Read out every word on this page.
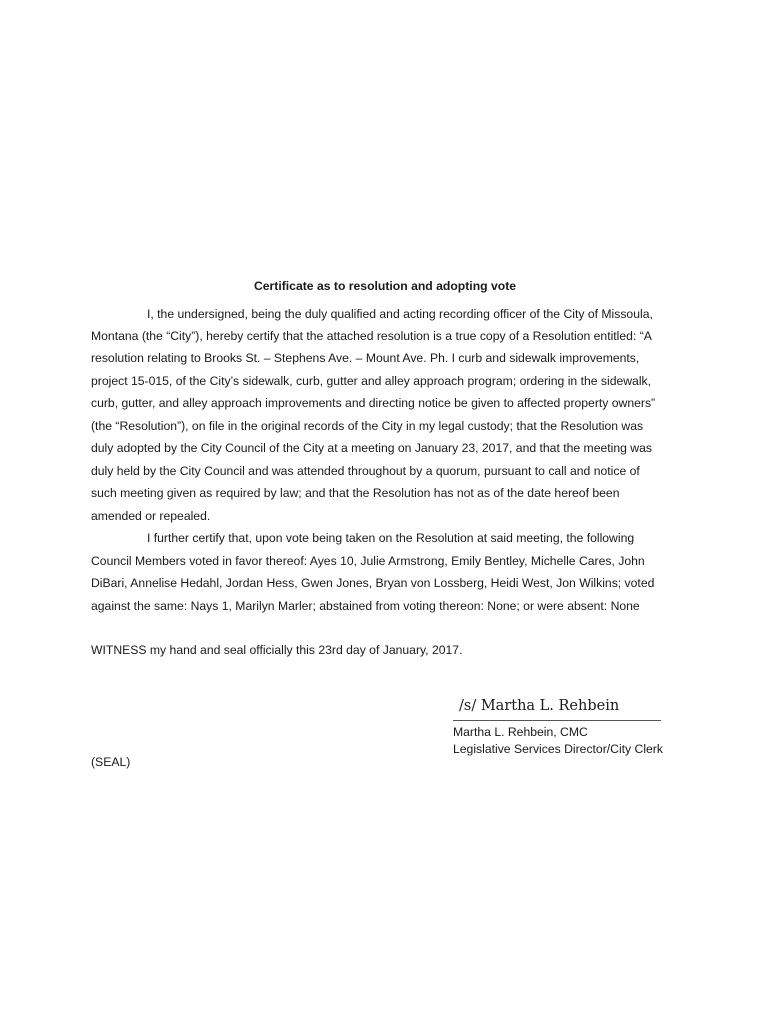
Certificate as to resolution and adopting vote
I, the undersigned, being the duly qualified and acting recording officer of the City of Missoula,
Montana (the “City”), hereby certify that the attached resolution is a true copy of a Resolution entitled: “A
resolution relating to Brooks St. – Stephens Ave. – Mount Ave. Ph. I curb and sidewalk improvements,
project 15-015, of the City’s sidewalk, curb, gutter and alley approach program; ordering in the sidewalk,
curb, gutter, and alley approach improvements and directing notice be given to affected property owners”
(the “Resolution”), on file in the original records of the City in my legal custody; that the Resolution was
duly adopted by the City Council of the City at a meeting on January 23, 2017, and that the meeting was
duly held by the City Council and was attended throughout by a quorum, pursuant to call and notice of
such meeting given as required by law; and that the Resolution has not as of the date hereof been
amended or repealed.
I further certify that, upon vote being taken on the Resolution at said meeting, the following
Council Members voted in favor thereof: Ayes 10, Julie Armstrong, Emily Bentley, Michelle Cares, John
DiBari, Annelise Hedahl, Jordan Hess, Gwen Jones, Bryan von Lossberg, Heidi West, Jon Wilkins; voted
against the same: Nays 1, Marilyn Marler; abstained from voting thereon: None; or were absent: None
WITNESS my hand and seal officially this 23rd day of January, 2017.
/s/ Martha L. Rehbein
Martha L. Rehbein, CMC
Legislative Services Director/City Clerk
(SEAL)
